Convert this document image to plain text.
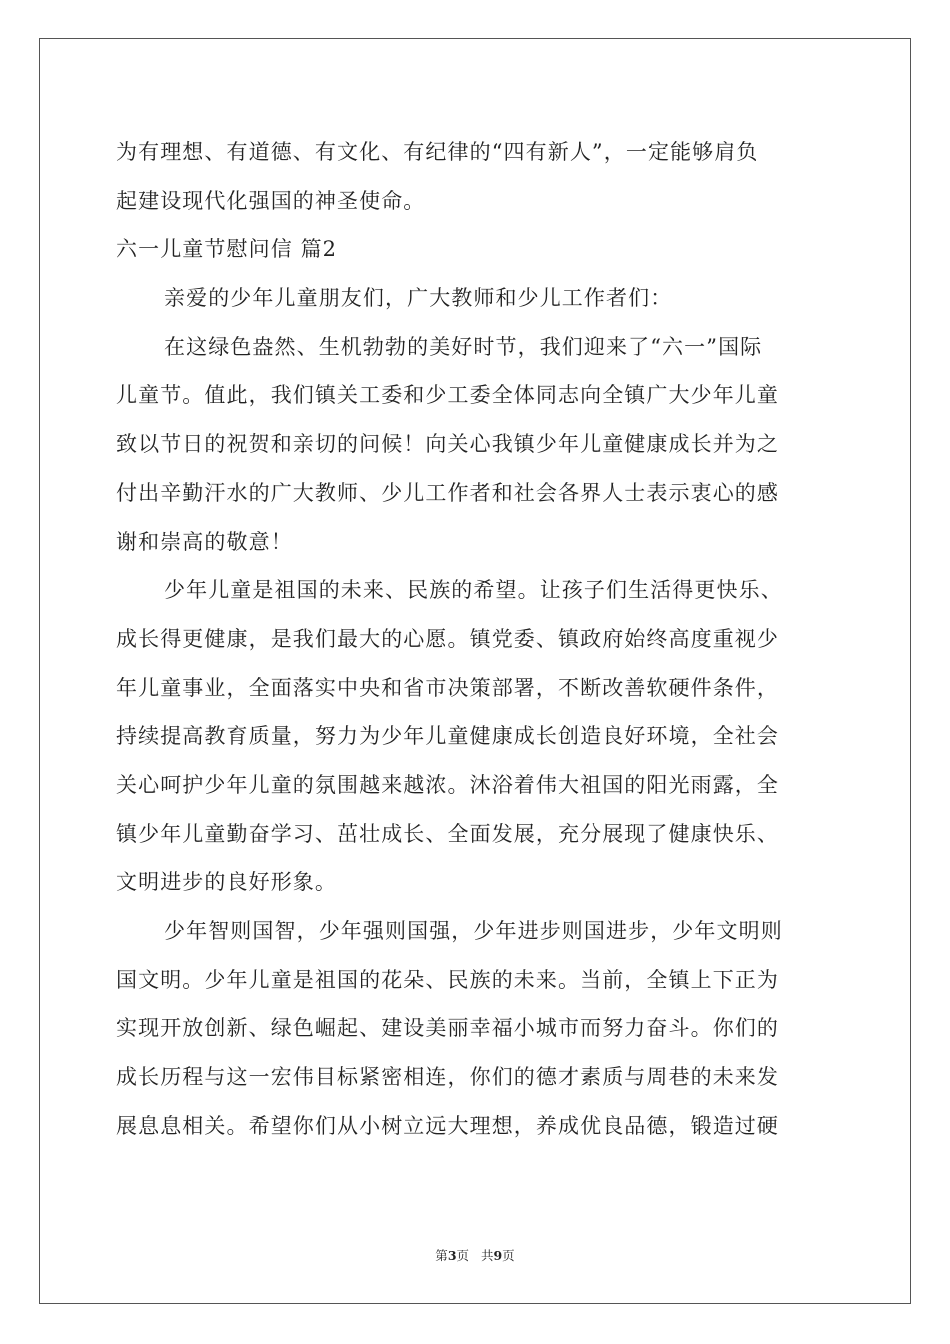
为有理想、有道德、有文化、有纪律的“四有新人”，一定能够肩负
起建设现代化强国的神圣使命。
六一儿童节慰问信 篇2
亲爱的少年儿童朋友们，广大教师和少儿工作者们：
在这绿色盎然、生机勃勃的美好时节，我们迎来了“六一”国际
儿童节。值此，我们镇关工委和少工委全体同志向全镇广大少年儿童
致以节日的祝贺和亲切的问候！向关心我镇少年儿童健康成长并为之
付出辛勤汗水的广大教师、少儿工作者和社会各界人士表示衷心的感
谢和崇高的敬意！
少年儿童是祖国的未来、民族的希望。让孩子们生活得更快乐、
成长得更健康，是我们最大的心愿。镇党委、镇政府始终高度重视少
年儿童事业，全面落实中央和省市决策部署，不断改善软硬件条件，
持续提高教育质量，努力为少年儿童健康成长创造良好环境，全社会
关心呵护少年儿童的氛围越来越浓。沐浴着伟大祖国的阳光雨露，全
镇少年儿童勤奋学习、茁壮成长、全面发展，充分展现了健康快乐、
文明进步的良好形象。
少年智则国智，少年强则国强，少年进步则国进步，少年文明则
国文明。少年儿童是祖国的花朵、民族的未来。当前，全镇上下正为
实现开放创新、绿色崛起、建设美丽幸福小城市而努力奋斗。你们的
成长历程与这一宏伟目标紧密相连，你们的德才素质与周巷的未来发
展息息相关。希望你们从小树立远大理想，养成优良品德，锻造过硬
第3页 共9页
